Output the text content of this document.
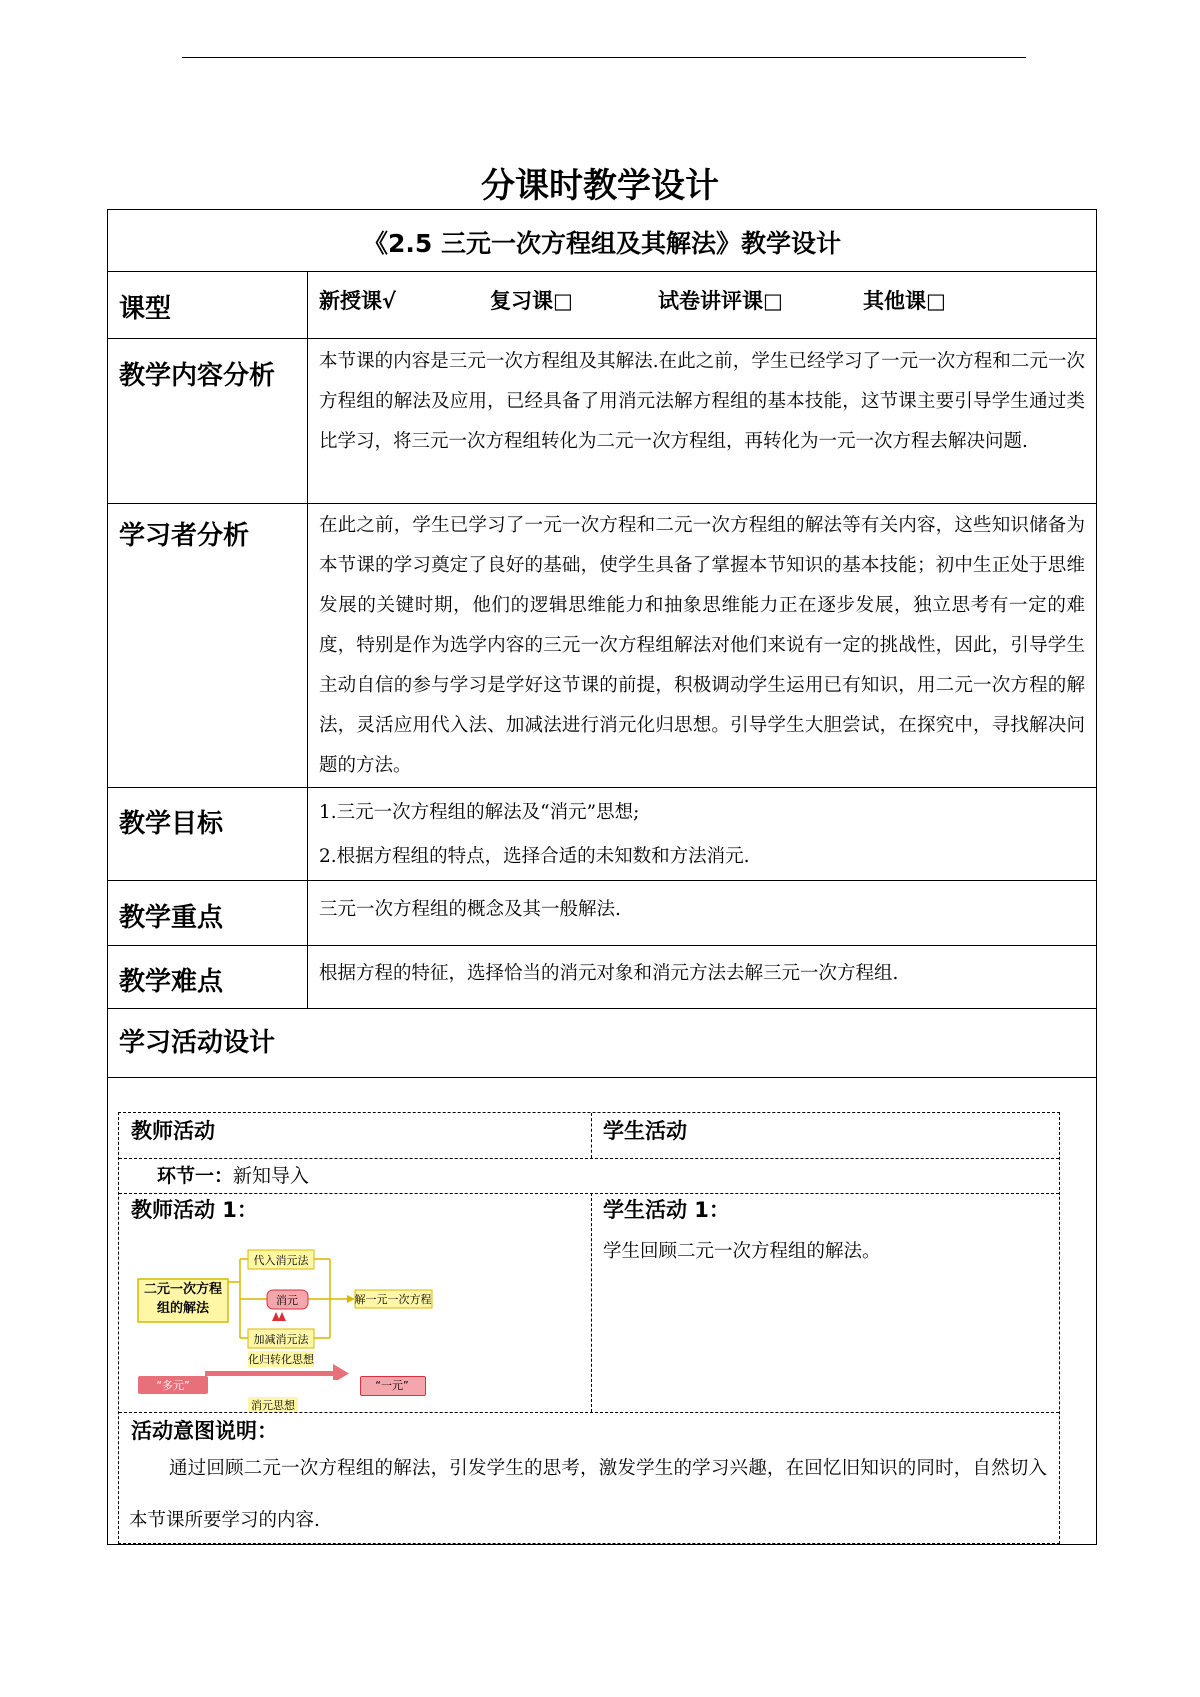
分课时教学设计
《2.5 三元一次方程组及其解法》教学设计
课型	新授课√	复习课□	试卷讲评课□	其他课□
教学内容分析 本节课的内容是三元一次方程组及其解法.在此之前，学生已经学习了一元一次方程和二元一次方程组的解法及应用，已经具备了用消元法解方程组的基本技能，这节课主要引导学生通过类比学习，将三元一次方程组转化为二元一次方程组，再转化为一元一次方程去解决问题.
学习者分析	在此之前，学生已学习了一元一次方程和二元一次方程组的解法等有关内容，这些知识储备为本节课的学习奠定了良好的基础，使学生具备了掌握本节知识的基本技能；初中生正处于思维发展的关键时期，他们的逻辑思维能力和抽象思维能力正在逐步发展，独立思考有一定的难度，特别是作为选学内容的三元一次方程组解法对他们来说有一定的挑战性，因此，引导学生主动自信的参与学习是学好这节课的前提，积极调动学生运用已有知识，用二元一次方程的解法，灵活应用代入法、加减法进行消元化归思想。引导学生大胆尝试，在探究中，寻找解决问题的方法。
教学目标	1.三元一次方程组的解法及“消元”思想;
2.根据方程组的特点，选择合适的未知数和方法消元.
教学重点	三元一次方程组的概念及其一般解法.
教学难点	根据方程的特征，选择恰当的消元对象和消元方法去解三元一次方程组.
学习活动设计
教师活动	学生活动
环节一：新知导入
教师活动 1：	学生活动 1：
学生回顾二元一次方程组的解法。
二元一次方程组的解法
代入消元法
加减消元法
消元	解一元一次方程
化归转化思想
“多元”	“一元”
消元思想
活动意图说明：
通过回顾二元一次方程组的解法，引发学生的思考，激发学生的学习兴趣，在回忆旧知识的同时，自然切入本节课所要学习的内容.
